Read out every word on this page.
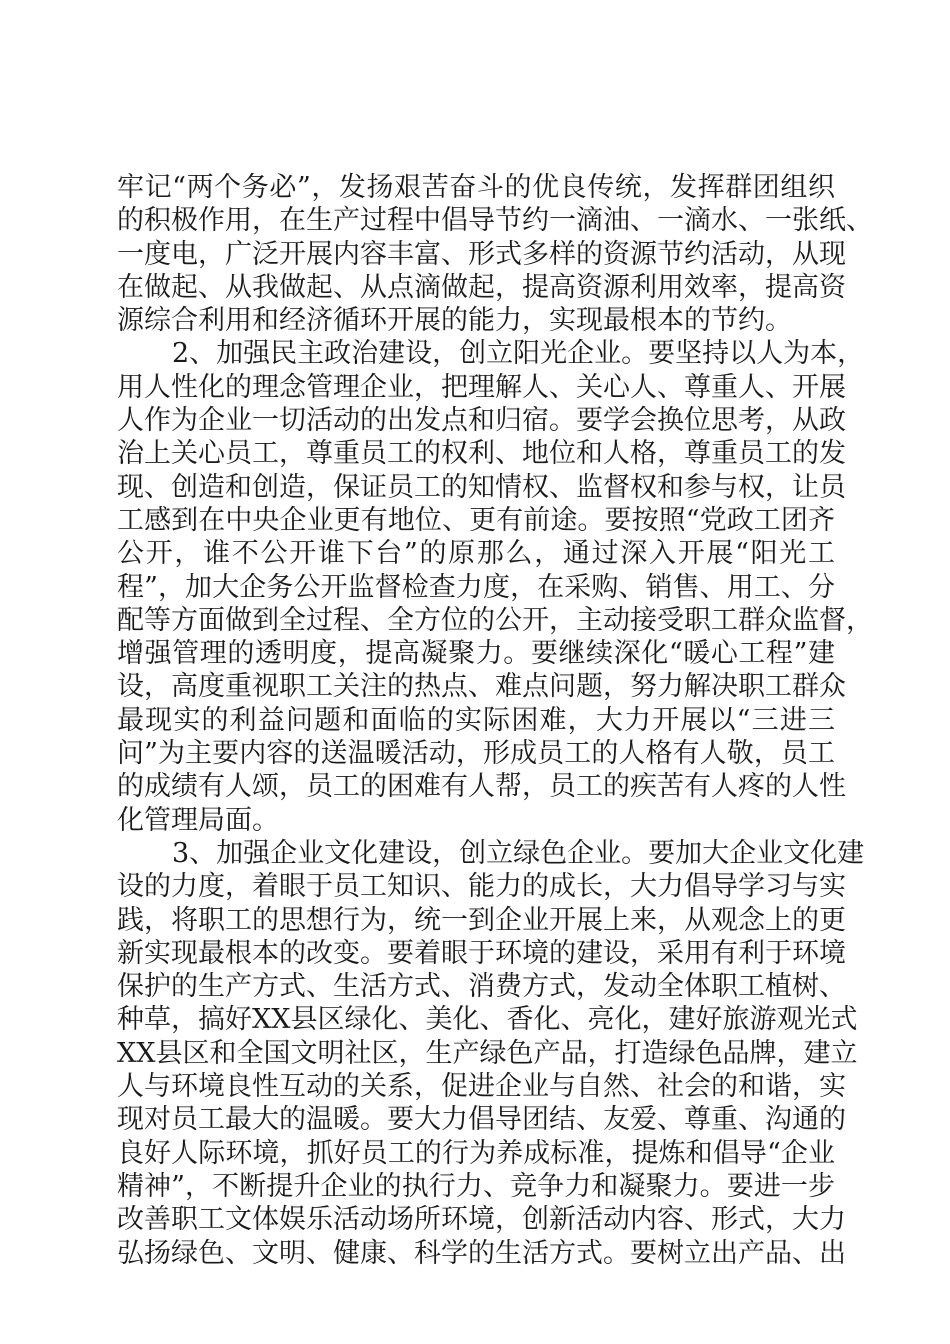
牢记“两个务必”，发扬艰苦奋斗的优良传统，发挥群团组织
的积极作用，在生产过程中倡导节约一滴油、一滴水、一张纸、
一度电，广泛开展内容丰富、形式多样的资源节约活动，从现
在做起、从我做起、从点滴做起，提高资源利用效率，提高资
源综合利用和经济循环开展的能力，实现最根本的节约。
2、加强民主政治建设，创立阳光企业。要坚持以人为本，
用人性化的理念管理企业，把理解人、关心人、尊重人、开展
人作为企业一切活动的出发点和归宿。要学会换位思考，从政
治上关心员工，尊重员工的权利、地位和人格，尊重员工的发
现、创造和创造，保证员工的知情权、监督权和参与权，让员
工感到在中央企业更有地位、更有前途。要按照“党政工团齐
公开，谁不公开谁下台”的原那么，通过深入开展“阳光工
程”，加大企务公开监督检查力度，在采购、销售、用工、分
配等方面做到全过程、全方位的公开，主动接受职工群众监督，
增强管理的透明度，提高凝聚力。要继续深化“暖心工程”建
设，高度重视职工关注的热点、难点问题，努力解决职工群众
最现实的利益问题和面临的实际困难，大力开展以“三进三
问”为主要内容的送温暖活动，形成员工的人格有人敬，员工
的成绩有人颂，员工的困难有人帮，员工的疾苦有人疼的人性
化管理局面。
3、加强企业文化建设，创立绿色企业。要加大企业文化建
设的力度，着眼于员工知识、能力的成长，大力倡导学习与实
践，将职工的思想行为，统一到企业开展上来，从观念上的更
新实现最根本的改变。要着眼于环境的建设，采用有利于环境
保护的生产方式、生活方式、消费方式，发动全体职工植树、
种草，搞好XX县区绿化、美化、香化、亮化，建好旅游观光式
XX县区和全国文明社区，生产绿色产品，打造绿色品牌，建立
人与环境良性互动的关系，促进企业与自然、社会的和谐，实
现对员工最大的温暖。要大力倡导团结、友爱、尊重、沟通的
良好人际环境，抓好员工的行为养成标准，提炼和倡导“企业
精神”，不断提升企业的执行力、竞争力和凝聚力。要进一步
改善职工文体娱乐活动场所环境，创新活动内容、形式，大力
弘扬绿色、文明、健康、科学的生活方式。要树立出产品、出
